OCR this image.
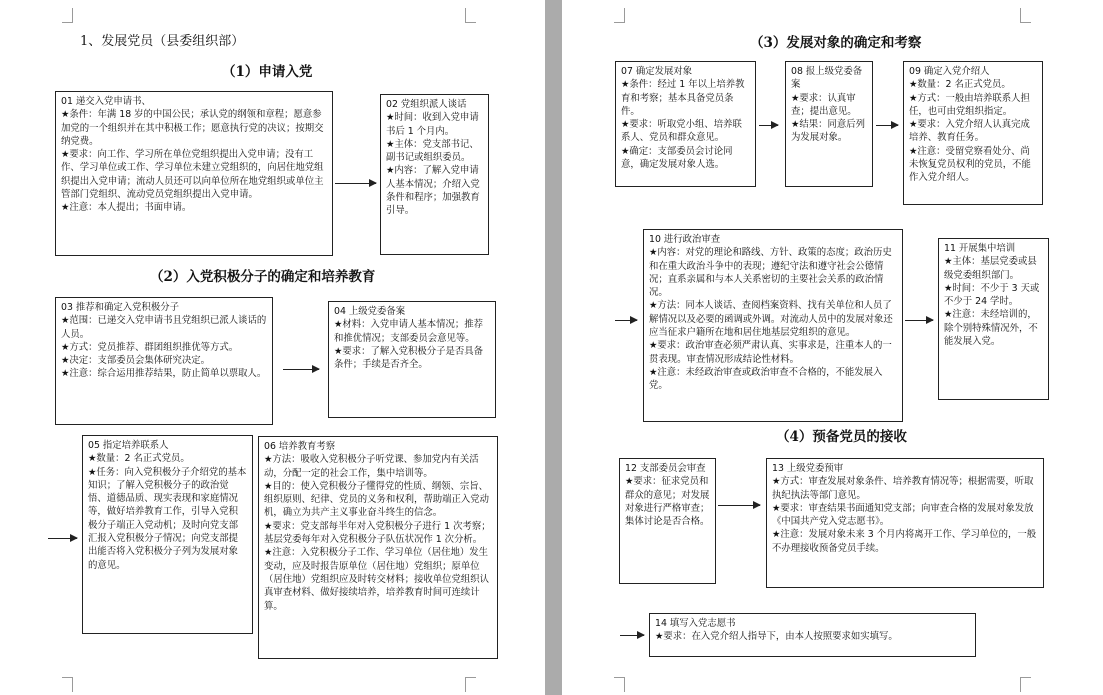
1、发展党员（县委组织部）
（1）申请入党
（2）入党积极分子的确定和培养教育
01 递交入党申请书、
★条件：年满 18 岁的中国公民；承认党的纲领和章程；愿意参加党的一个组织并在其中积极工作；愿意执行党的决议；按期交纳党费。
★要求：向工作、学习所在单位党组织提出入党申请；没有工作、学习单位或工作、学习单位未建立党组织的，向居住地党组织提出入党申请；流动人员还可以向单位所在地党组织或单位主管部门党组织、流动党员党组织提出入党申请。
★注意：本人提出；书面申请。
02 党组织派人谈话
★时间：收到入党申请书后 1 个月内。
★主体：党支部书记、副书记或组织委员。
★内容：了解入党申请人基本情况；介绍入党条件和程序；加强教育引导。
03 推荐和确定入党积极分子
★范围：已递交入党申请书且党组织已派人谈话的人员。
★方式：党员推荐、群团组织推优等方式。
★决定：支部委员会集体研究决定。
★注意：综合运用推荐结果，防止简单以票取人。
04 上级党委备案
★材料：入党申请人基本情况；推荐和推优情况；支部委员会意见等。
★要求：了解入党积极分子是否具备条件；手续是否齐全。
05 指定培养联系人
★数量：2 名正式党员。
★任务：向入党积极分子介绍党的基本知识；了解入党积极分子的政治觉悟、道德品质、现实表现和家庭情况等，做好培养教育工作，引导入党积极分子端正入党动机；及时向党支部汇报入党积极分子情况；向党支部提出能否将入党积极分子列为发展对象的意见。
06 培养教育考察
★方法：吸收入党积极分子听党课、参加党内有关活动，分配一定的社会工作，集中培训等。
★目的：使入党积极分子懂得党的性质、纲领、宗旨、组织原则、纪律、党员的义务和权利，帮助端正入党动机，确立为共产主义事业奋斗终生的信念。
★要求：党支部每半年对入党积极分子进行 1 次考察；基层党委每年对入党积极分子队伍状况作 1 次分析。
★注意：入党积极分子工作、学习单位（居住地）发生变动，应及时报告原单位（居住地）党组织；原单位（居住地）党组织应及时转交材料；接收单位党组织认真审查材料、做好接续培养，培养教育时间可连续计算。
（3）发展对象的确定和考察
（4）预备党员的接收
07 确定发展对象
★条件：经过 1 年以上培养教育和考察；基本具备党员条件。
★要求：听取党小组、培养联系人、党员和群众意见。
★确定：支部委员会讨论同意，确定发展对象人选。
08 报上级党委备案
★要求：认真审查；提出意见。
★结果：同意后列为发展对象。
09 确定入党介绍人
★数量：2 名正式党员。
★方式：一般由培养联系人担任，也可由党组织指定。
★要求：入党介绍人认真完成培养、教育任务。
★注意：受留党察看处分、尚未恢复党员权利的党员，不能作入党介绍人。
10 进行政治审查
★内容：对党的理论和路线、方针、政策的态度；政治历史和在重大政治斗争中的表现；遵纪守法和遵守社会公德情况；直系亲属和与本人关系密切的主要社会关系的政治情况。
★方法：同本人谈话、查阅档案资料、找有关单位和人员了解情况以及必要的函调或外调。对流动人员中的发展对象还应当征求户籍所在地和居住地基层党组织的意见。
★要求：政治审查必须严肃认真、实事求是，注重本人的一贯表现。审查情况形成结论性材料。
★注意：未经政治审查或政治审查不合格的，不能发展入党。
11 开展集中培训
★主体：基层党委或县级党委组织部门。
★时间：不少于 3 天或不少于 24 学时。
★注意：未经培训的，除个别特殊情况外，不能发展入党。
12 支部委员会审查
★要求：征求党员和群众的意见；对发展对象进行严格审查；集体讨论是否合格。
13 上级党委预审
★方式：审查发展对象条件、培养教育情况等；根据需要，听取执纪执法等部门意见。
★要求：审查结果书面通知党支部；向审查合格的发展对象发放《中国共产党入党志愿书》。
★注意：发展对象未来 3 个月内将离开工作、学习单位的，一般不办理接收预备党员手续。
14 填写入党志愿书
★要求：在入党介绍人指导下，由本人按照要求如实填写。
